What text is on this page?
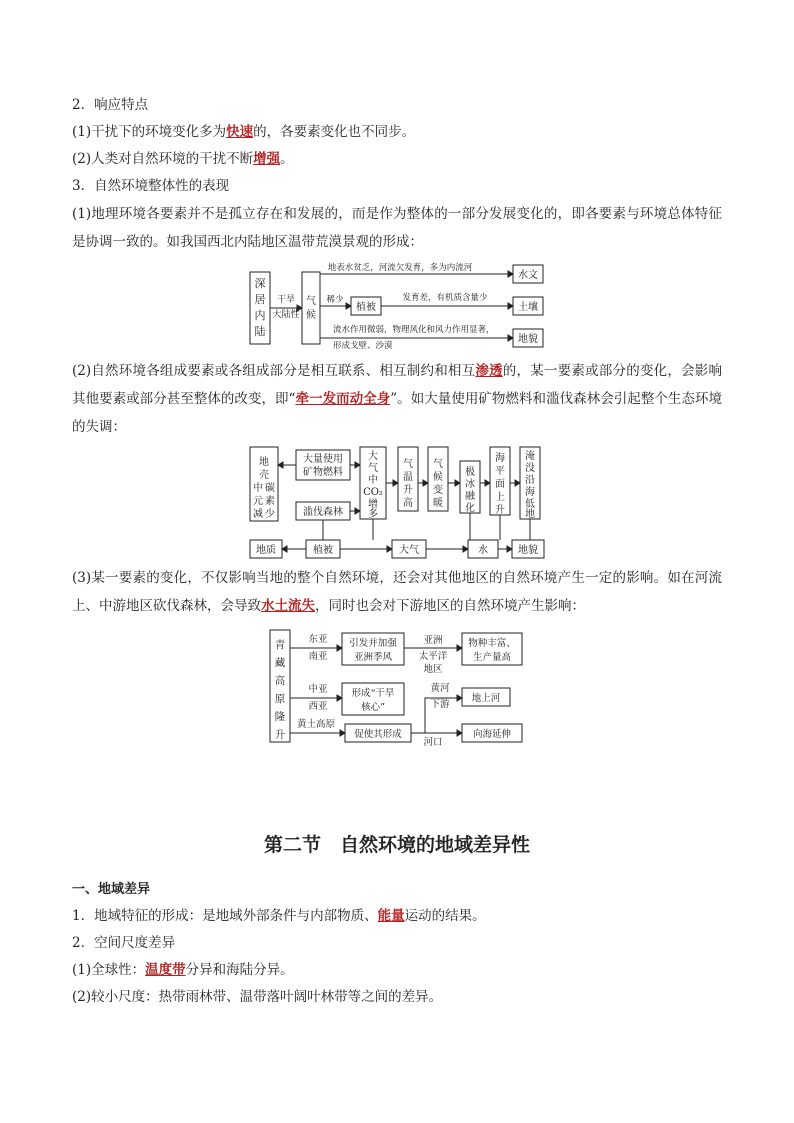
2．响应特点
(1)干扰下的环境变化多为快速的，各要素变化也不同步。
(2)人类对自然环境的干扰不断增强。
3．自然环境整体性的表现
(1)地理环境各要素并不是孤立存在和发展的，而是作为整体的一部分发展变化的，即各要素与环境总体特征是协调一致的。如我国西北内陆地区温带荒漠景观的形成：
深
居
内
陆
干旱
大陆性
气
候
地表水贫乏，河流欠发育，多为内流河
稀少
植被
发育差，有机质含量少
流水作用微弱，物理风化和风力作用显著，
形成戈壁、沙漠
水文
土壤
地貌
(2)自然环境各组成要素或各组成部分是相互联系、相互制约和相互渗透的，某一要素或部分的变化，会影响其他要素或部分甚至整体的改变，即“牵一发而动全身”。如大量使用矿物燃料和滥伐森林会引起整个生态环境的失调：
地
壳
中 碳
元 素
减 少
大量使用
矿物燃料
滥伐森林
大
气
中
CO₂
增
多
气
温
升
高
气
候
变
暖
极
冰
融
化
海
平
面
上
升
淹
没
沿
海
低
地
地质	植被	大气	水	地貌
(3)某一要素的变化，不仅影响当地的整个自然环境，还会对其他地区的自然环境产生一定的影响。如在河流上、中游地区砍伐森林，会导致水土流失，同时也会对下游地区的自然环境产生影响：
青
藏
高
原
隆
升
东亚
南亚
引发并加强
亚洲季风
亚洲
太平洋
地区
物种丰富、
生产量高
中亚
西亚
形成“干旱
核心”
黄河
下游
地上河
黄土高原
促使其形成
河口
向海延伸
第二节　自然环境的地域差异性
一、地域差异
1．地域特征的形成：是地域外部条件与内部物质、能量运动的结果。
2．空间尺度差异
(1)全球性：温度带分异和海陆分异。
(2)较小尺度：热带雨林带、温带落叶阔叶林带等之间的差异。
